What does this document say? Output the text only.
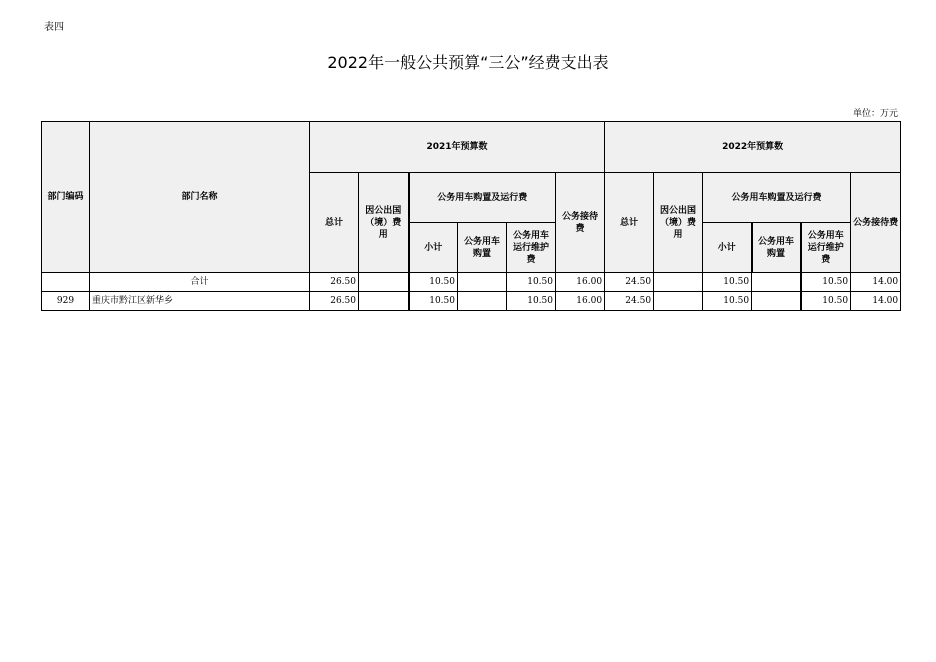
表四
2022年一般公共预算“三公”经费支出表
单位：万元
部门编码	部门名称	2021年预算数						2022年预算数					
		总计	因公出国（境）费用	公务用车购置及运行费			公务接待费	总计	因公出国（境）费用	公务用车购置及运行费			公务接待费
				小计	公务用车购置	公务用车运行维护费				小计	公务用车购置	公务用车运行维护费	
	合计	26.50		10.50		10.50	16.00	24.50		10.50		10.50	14.00
929	重庆市黔江区新华乡	26.50		10.50		10.50	16.00	24.50		10.50		10.50	14.00
